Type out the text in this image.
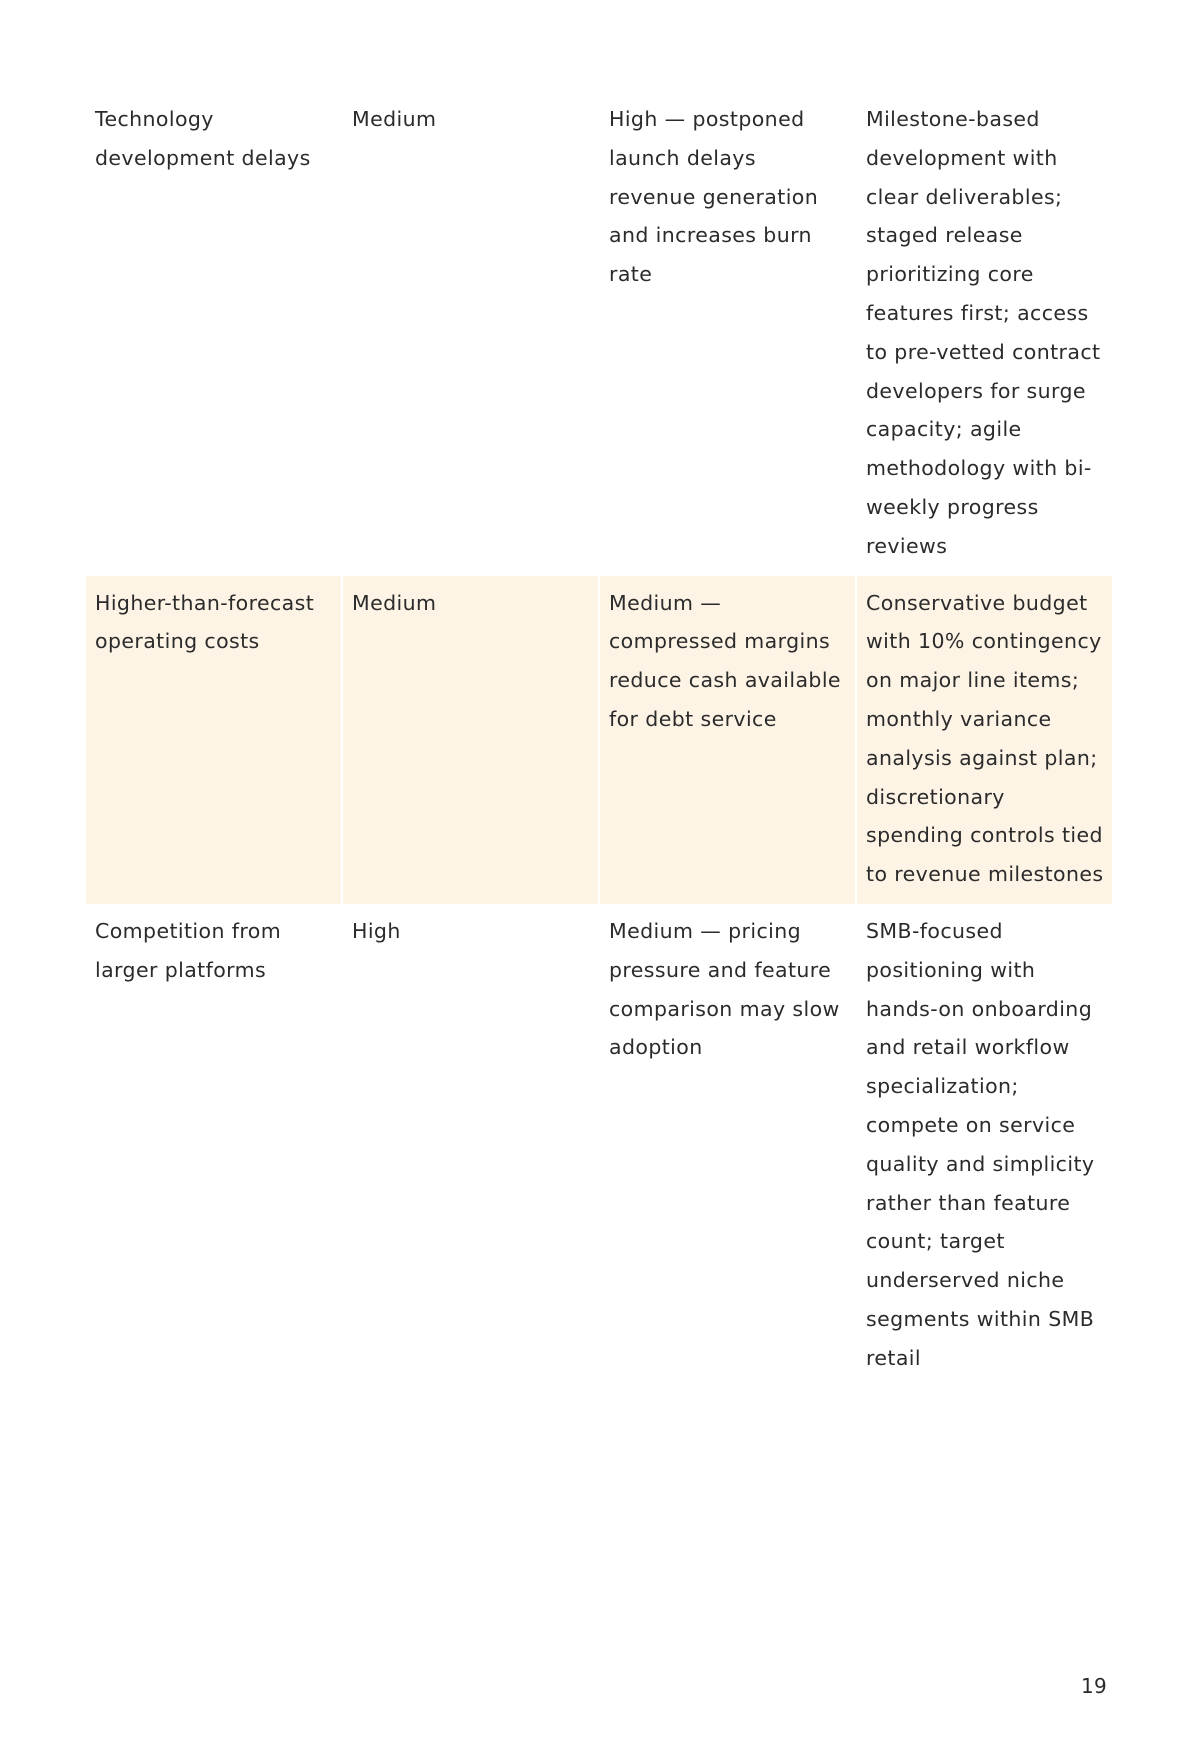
Technology development delays	Medium	High — postponed launch delays revenue generation and increases burn rate	Milestone-based development with clear deliverables; staged release prioritizing core features first; access to pre-vetted contract developers for surge capacity; agile methodology with bi-weekly progress reviews
Higher-than-forecast operating costs	Medium	Medium — compressed margins reduce cash available for debt service	Conservative budget with 10% contingency on major line items; monthly variance analysis against plan; discretionary spending controls tied to revenue milestones
Competition from larger platforms	High	Medium — pricing pressure and feature comparison may slow adoption	SMB-focused positioning with hands-on onboarding and retail workflow specialization; compete on service quality and simplicity rather than feature count; target underserved niche segments within SMB retail
19
